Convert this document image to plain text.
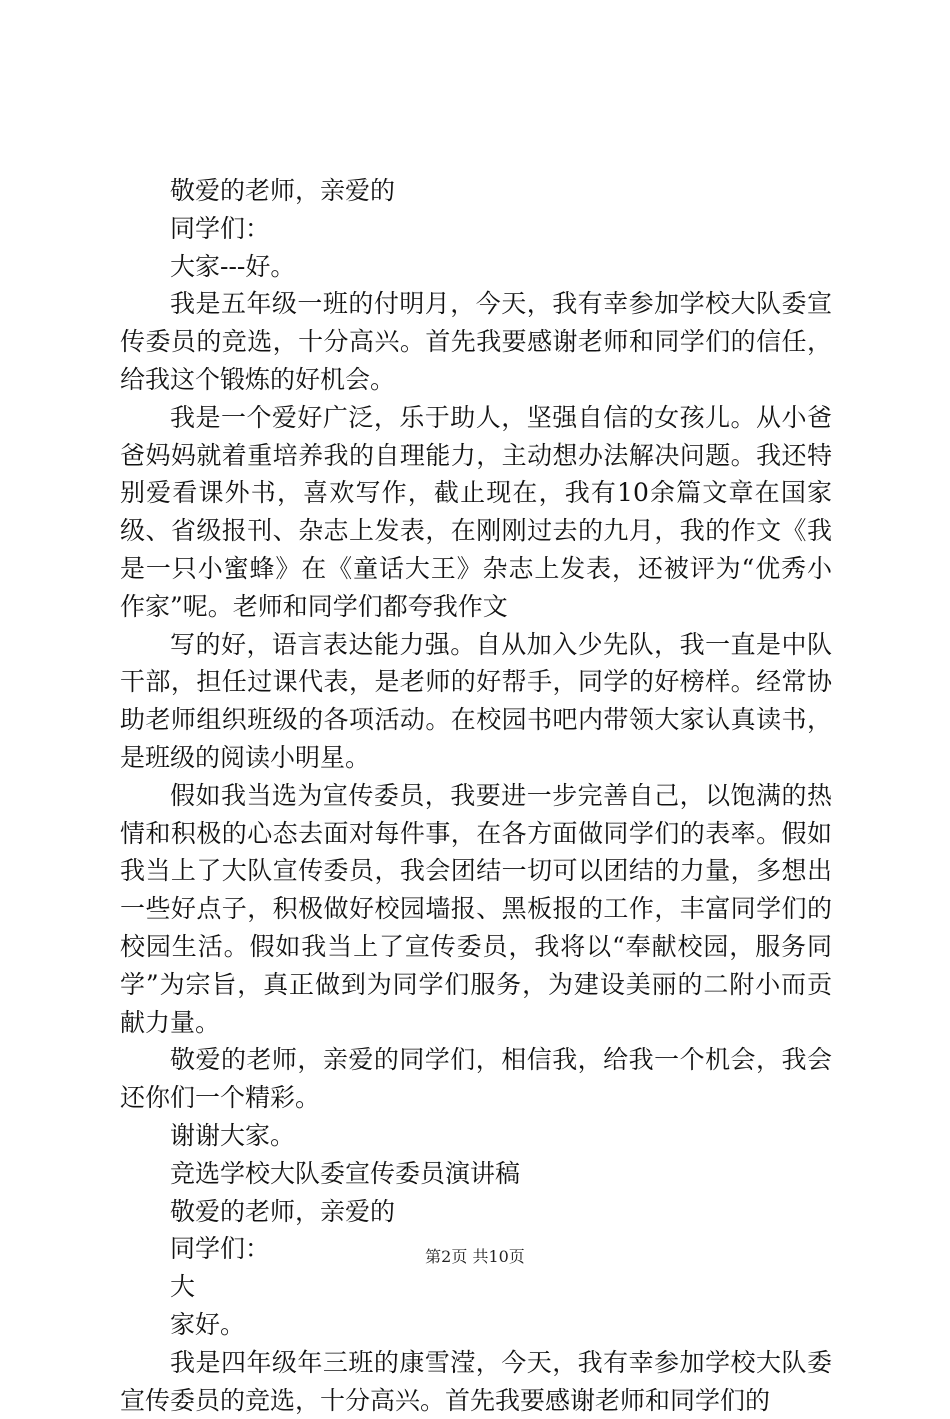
敬爱的老师，亲爱的

同学们：

大家---好。

我是五年级一班的付明月，今天，我有幸参加学校大队委宣传委员的竞选，十分高兴。首先我要感谢老师和同学们的信任，给我这个锻炼的好机会。

我是一个爱好广泛，乐于助人，坚强自信的女孩儿。从小爸爸妈妈就着重培养我的自理能力，主动想办法解决问题。我还特别爱看课外书，喜欢写作，截止现在，我有10余篇文章在国家级、省级报刊、杂志上发表，在刚刚过去的九月，我的作文《我是一只小蜜蜂》在《童话大王》杂志上发表，还被评为“优秀小作家”呢。老师和同学们都夸我作文

写的好，语言表达能力强。自从加入少先队，我一直是中队干部，担任过课代表，是老师的好帮手，同学的好榜样。经常协助老师组织班级的各项活动。在校园书吧内带领大家认真读书，是班级的阅读小明星。

假如我当选为宣传委员，我要进一步完善自己，以饱满的热情和积极的心态去面对每件事，在各方面做同学们的表率。假如我当上了大队宣传委员，我会团结一切可以团结的力量，多想出一些好点子，积极做好校园墙报、黑板报的工作，丰富同学们的校园生活。假如我当上了宣传委员，我将以“奉献校园，服务同学”为宗旨，真正做到为同学们服务，为建设美丽的二附小而贡献力量。

敬爱的老师，亲爱的同学们，相信我，给我一个机会，我会还你们一个精彩。

谢谢大家。

竞选学校大队委宣传委员演讲稿

敬爱的老师，亲爱的

同学们：

大

家好。

我是四年级年三班的康雪滢，今天，我有幸参加学校大队委宣传委员的竞选，十分高兴。首先我要感谢老师和同学们的

第2页 共10页
